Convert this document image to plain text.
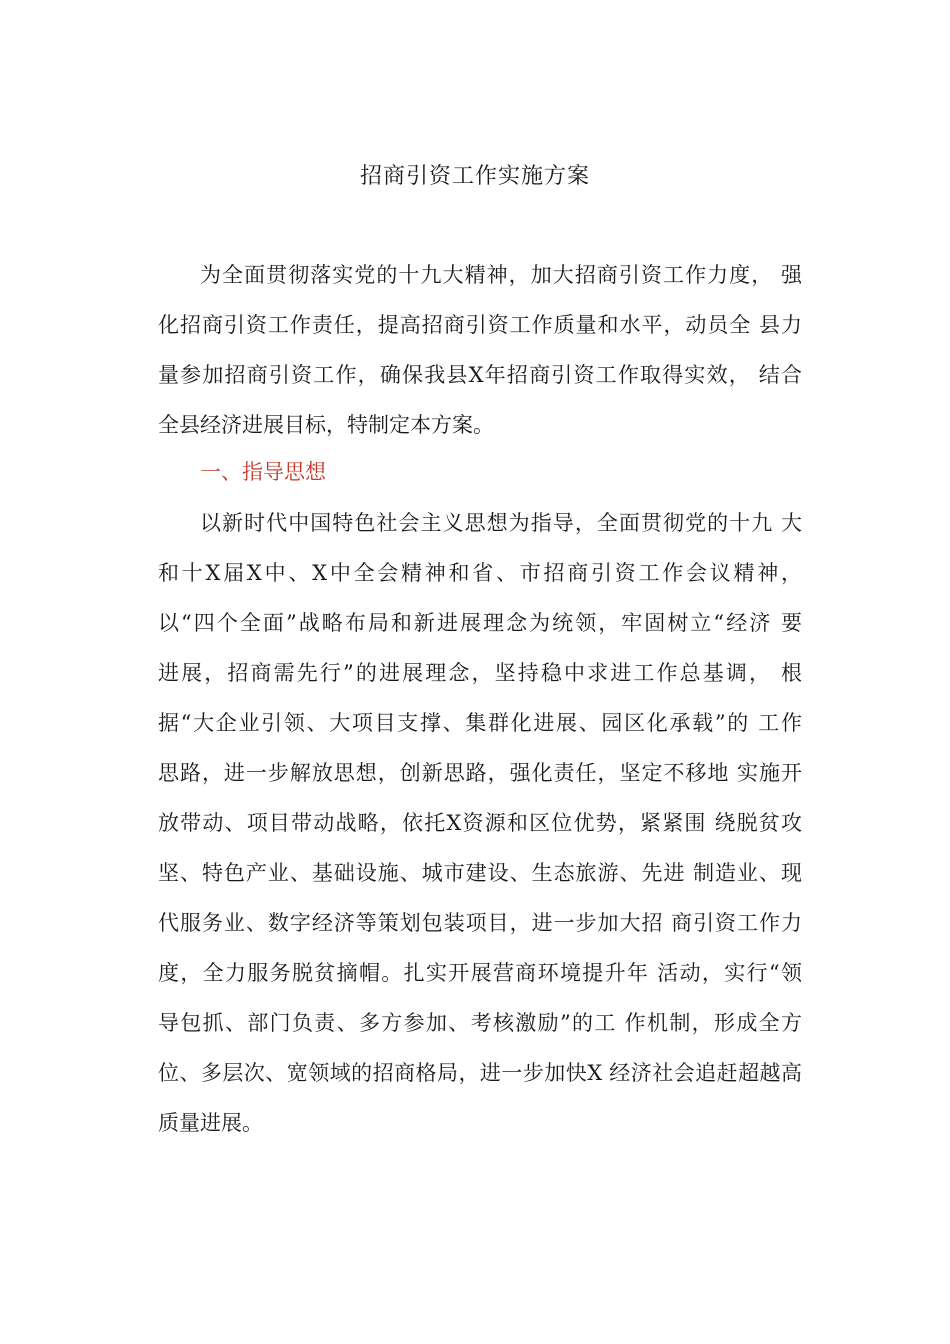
招商引资工作实施方案
为全面贯彻落实党的十九大精神，加大招商引资工作力度， 强
化招商引资工作责任，提高招商引资工作质量和水平，动员全 县力
量参加招商引资工作，确保我县X年招商引资工作取得实效， 结合
全县经济进展目标，特制定本方案。
一、指导思想
以新时代中国特色社会主义思想为指导，全面贯彻党的十九 大
和十X届X中、X中全会精神和省、市招商引资工作会议精神，
以“四个全面”战略布局和新进展理念为统领，牢固树立“经济 要
进展，招商需先行”的进展理念，坚持稳中求进工作总基调， 根
据“大企业引领、大项目支撑、集群化进展、园区化承载”的 工作
思路，进一步解放思想，创新思路，强化责任，坚定不移地 实施开
放带动、项目带动战略，依托X资源和区位优势，紧紧围 绕脱贫攻
坚、特色产业、基础设施、城市建设、生态旅游、先进 制造业、现
代服务业、数字经济等策划包装项目，进一步加大招 商引资工作力
度，全力服务脱贫摘帽。扎实开展营商环境提升年 活动，实行“领
导包抓、部门负责、多方参加、考核激励”的工 作机制，形成全方
位、多层次、宽领域的招商格局，进一步加快X 经济社会追赶超越高
质量进展。
